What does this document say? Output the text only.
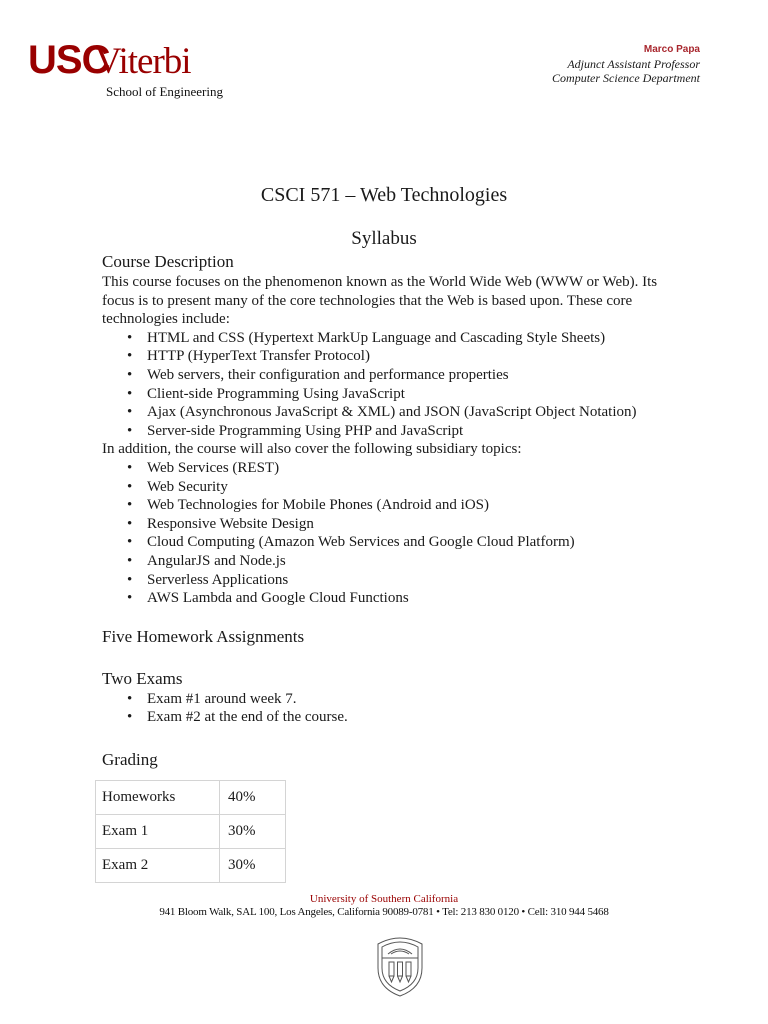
USC
Viterbi
School of Engineering
Marco Papa
Adjunct Assistant Professor
Computer Science Department
CSCI 571 – Web Technologies
Syllabus
Course Description

This course focuses on the phenomenon known as the World Wide Web (WWW or Web). Its focus is to present many of the core technologies that the Web is based upon. These core technologies include:

• HTML and CSS (Hypertext MarkUp Language and Cascading Style Sheets)
• HTTP (HyperText Transfer Protocol)
• Web servers, their configuration and performance properties
• Client-side Programming Using JavaScript
• Ajax (Asynchronous JavaScript & XML) and JSON (JavaScript Object Notation)
• Server-side Programming Using PHP and JavaScript

In addition, the course will also cover the following subsidiary topics:

• Web Services (REST)
• Web Security
• Web Technologies for Mobile Phones (Android and iOS)
• Responsive Website Design
• Cloud Computing (Amazon Web Services and Google Cloud Platform)
• AngularJS and Node.js
• Serverless Applications
• AWS Lambda and Google Cloud Functions
Five Homework Assignments
Two Exams
• Exam #1 around week 7.
• Exam #2 at the end of the course.
Grading
Homeworks	40%
Exam 1	30%
Exam 2	30%
University of Southern California
941 Bloom Walk, SAL 100, Los Angeles, California 90089-0781 • Tel: 213 830 0120 • Cell: 310 944 5468
